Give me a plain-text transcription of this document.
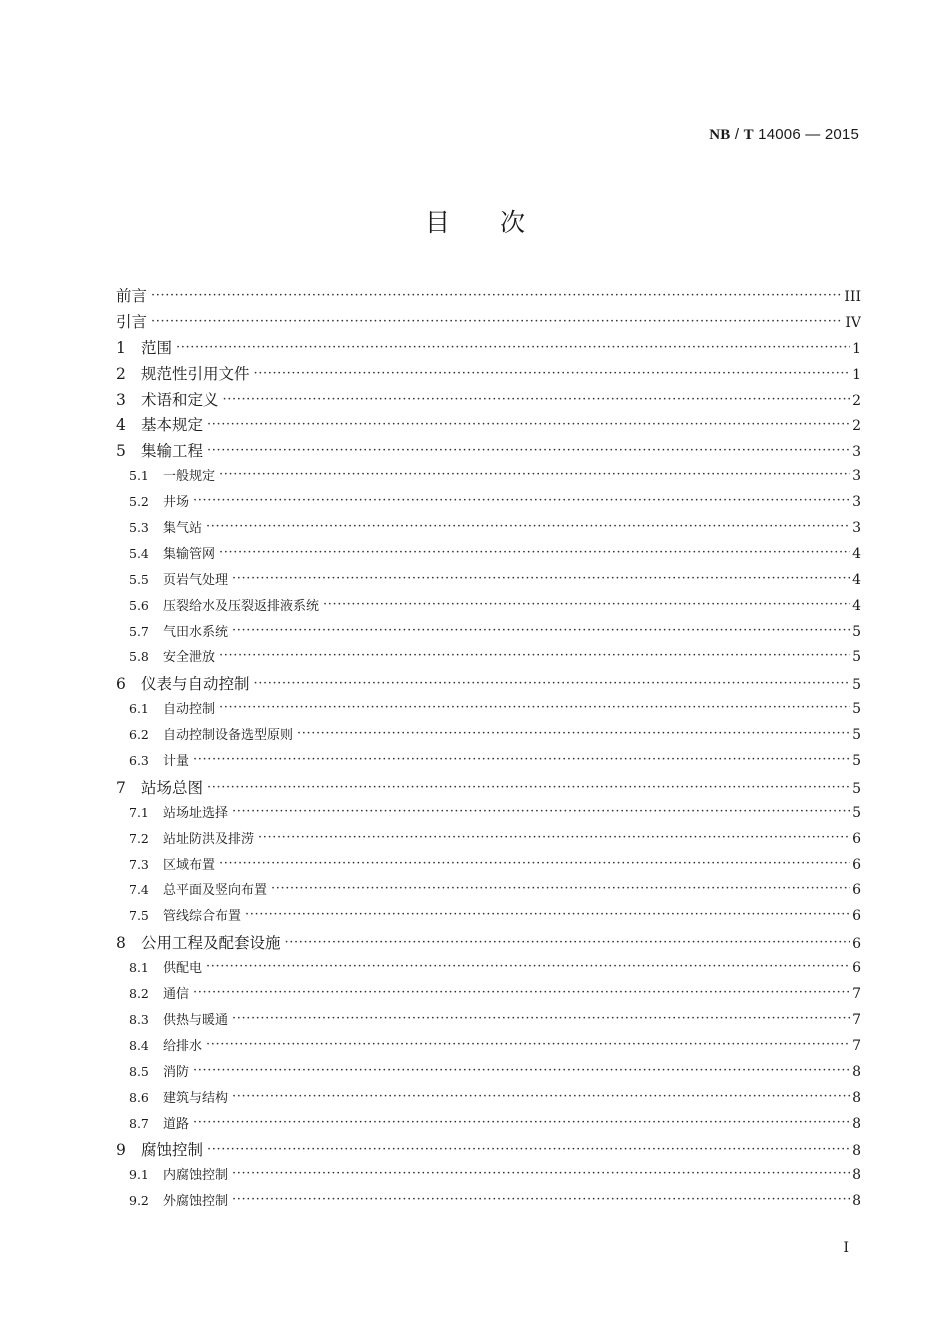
NB / T 14006 — 2015
目次
前言 ·····	III
引言 ·····	IV
1 范围 ·····	1
2 规范性引用文件 ·····	1
3 术语和定义 ·····	2
4 基本规定 ·····	2
5 集输工程 ·····	3
5.1	一般规定 ·····	3
5.2	井场 ·····	3
5.3	集气站 ·····	3
5.4	集输管网 ·····	4
5.5	页岩气处理 ·····	4
5.6	压裂给水及压裂返排液系统 ·····	4
5.7	气田水系统 ·····	5
5.8	安全泄放 ·····	5
6 仪表与自动控制 ·····	5
6.1	自动控制 ·····	5
6.2	自动控制设备选型原则 ·····	5
6.3	计量 ·····	5
7 站场总图 ·····	5
7.1	站场址选择 ·····	5
7.2	站址防洪及排涝 ·····	6
7.3	区域布置 ·····	6
7.4	总平面及竖向布置 ·····	6
7.5	管线综合布置 ·····	6
8 公用工程及配套设施 ·····	6
8.1	供配电 ·····	6
8.2	通信 ·····	7
8.3	供热与暖通 ·····	7
8.4	给排水 ·····	7
8.5	消防 ·····	8
8.6	建筑与结构 ·····	8
8.7	道路 ·····	8
9 腐蚀控制 ·····	8
9.1	内腐蚀控制 ·····	8
9.2	外腐蚀控制 ·····	8
I
